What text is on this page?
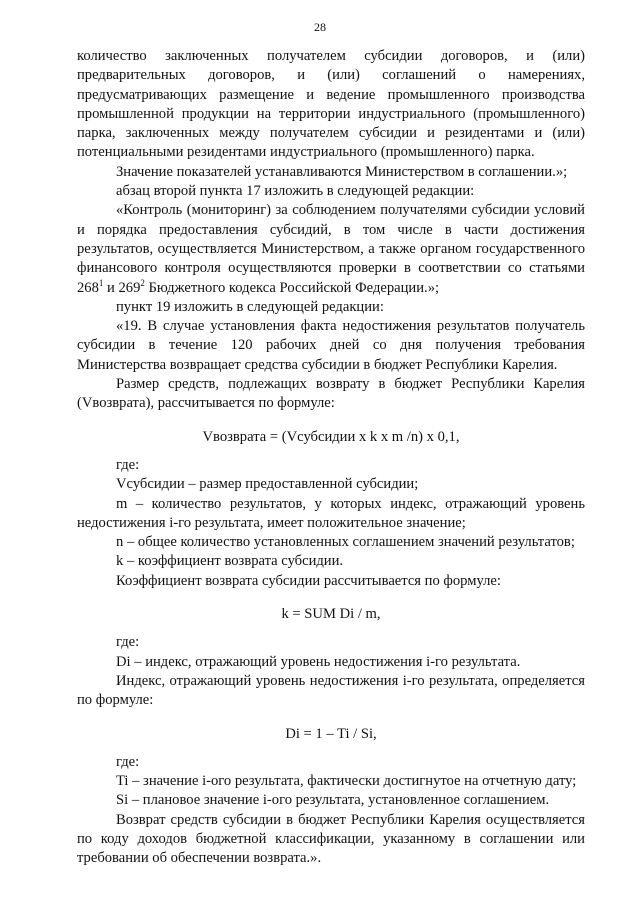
28

количество заключенных получателем субсидии договоров, и (или) предварительных договоров, и (или) соглашений о намерениях, предусматривающих размещение и ведение промышленного производства промышленной продукции на территории индустриального (промышленного) парка, заключенных между получателем субсидии и резидентами и (или) потенциальными резидентами индустриального (промышленного) парка.

Значение показателей устанавливаются Министерством в соглашении.»;

абзац второй пункта 17 изложить в следующей редакции:

«Контроль (мониторинг) за соблюдением получателями субсидии условий и порядка предоставления субсидий, в том числе в части достижения результатов, осуществляется Министерством, а также органом государственного финансового контроля осуществляются проверки в соответствии со статьями $268^1$ и $269^2$ Бюджетного кодекса Российской Федерации.»;

пункт 19 изложить в следующей редакции:

«19. В случае установления факта недостижения результатов получатель субсидии в течение 120 рабочих дней со дня получения требования Министерства возвращает средства субсидии в бюджет Республики Карелия.

Размер средств, подлежащих возврату в бюджет Республики Карелия (Vвозврата), рассчитывается по формуле:

Vвозврата = (Vсубсидии x k x m /n) x 0,1,

где:

Vсубсидии – размер предоставленной субсидии;

m – количество результатов, у которых индекс, отражающий уровень недостижения i-го результата, имеет положительное значение;

n – общее количество установленных соглашением значений результатов;

k – коэффициент возврата субсидии.

Коэффициент возврата субсидии рассчитывается по формуле:

k = SUM Di / m,

где:

Di – индекс, отражающий уровень недостижения i-го результата.

Индекс, отражающий уровень недостижения i-го результата, определяется по формуле:

Di = 1 – Ti / Si,

где:

Ti – значение i-ого результата, фактически достигнутое на отчетную дату;

Si – плановое значение i-ого результата, установленное соглашением.

Возврат средств субсидии в бюджет Республики Карелия осуществляется по коду доходов бюджетной классификации, указанному в соглашении или требовании об обеспечении возврата.».
